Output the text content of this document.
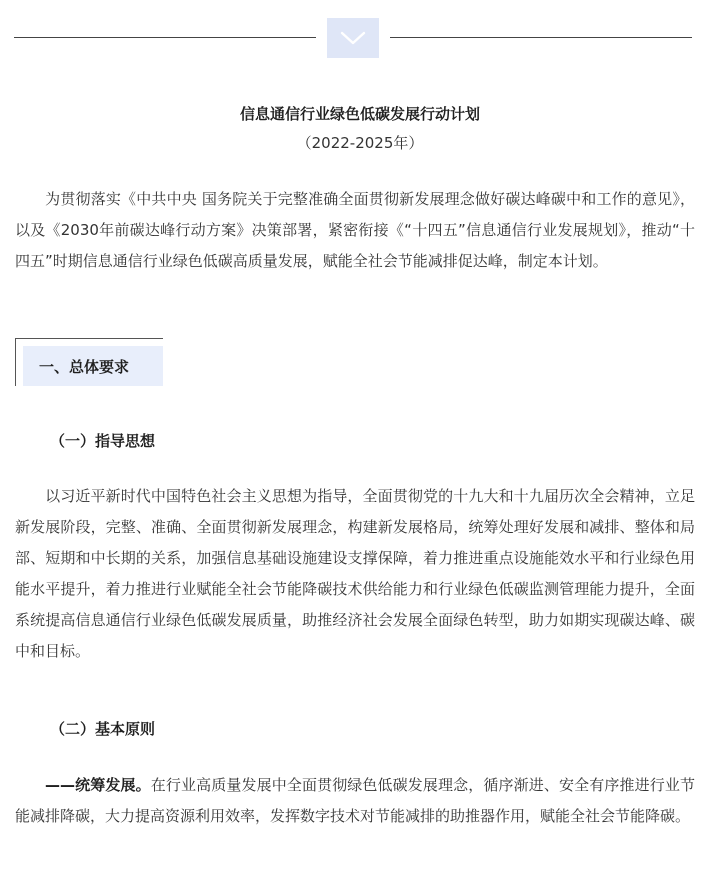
信息通信行业绿色低碳发展行动计划
（2022-2025年）

为贯彻落实《中共中央 国务院关于完整准确全面贯彻新发展理念做好碳达峰碳中和工作的意见》，以及《2030年前碳达峰行动方案》决策部署，紧密衔接《“十四五”信息通信行业发展规划》，推动“十四五”时期信息通信行业绿色低碳高质量发展，赋能全社会节能减排促达峰，制定本计划。

一、总体要求
（一）指导思想

以习近平新时代中国特色社会主义思想为指导，全面贯彻党的十九大和十九届历次全会精神，立足新发展阶段，完整、准确、全面贯彻新发展理念，构建新发展格局，统筹处理好发展和减排、整体和局部、短期和中长期的关系，加强信息基础设施建设支撑保障，着力推进重点设施能效水平和行业绿色用能水平提升，着力推进行业赋能全社会节能降碳技术供给能力和行业绿色低碳监测管理能力提升，全面系统提高信息通信行业绿色低碳发展质量，助推经济社会发展全面绿色转型，助力如期实现碳达峰、碳中和目标。

（二）基本原则

——统筹发展。在行业高质量发展中全面贯彻绿色低碳发展理念，循序渐进、安全有序推进行业节能减排降碳，大力提高资源利用效率，发挥数字技术对节能减排的助推器作用，赋能全社会节能降碳。
